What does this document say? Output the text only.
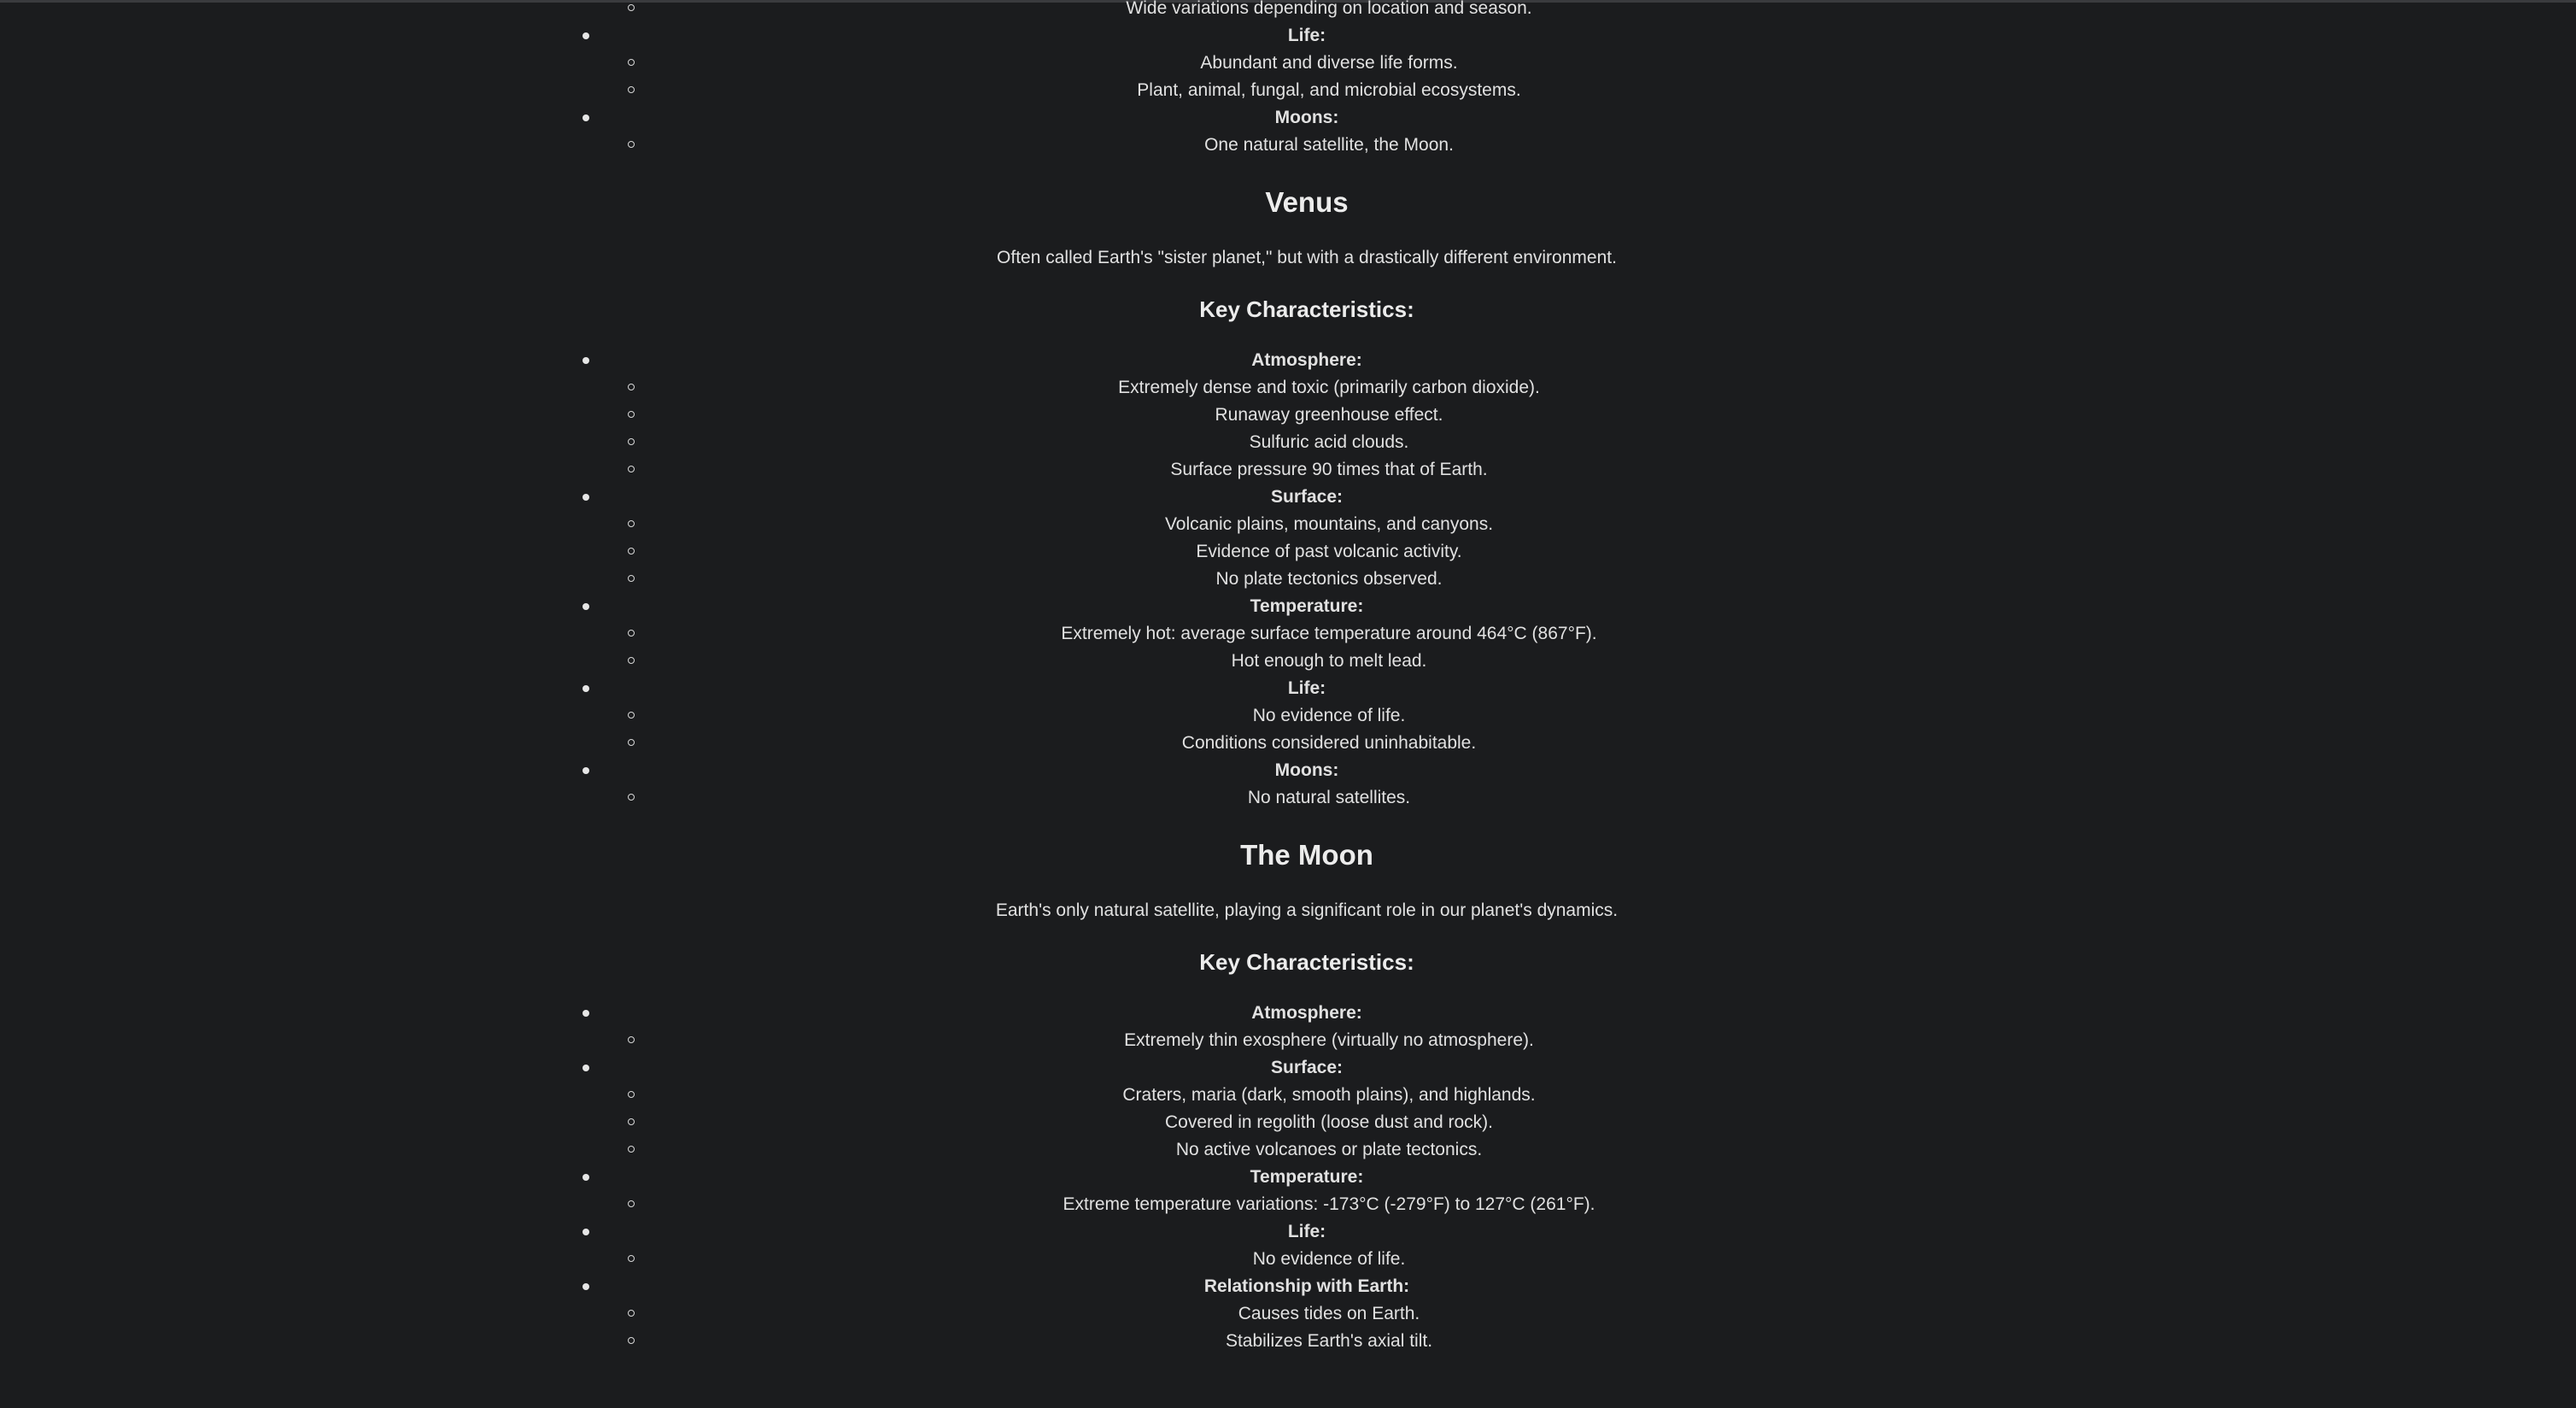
Wide variations depending on location and season.
Life:
Abundant and diverse life forms.
Plant, animal, fungal, and microbial ecosystems.
Moons:
One natural satellite, the Moon.
Venus
Often called Earth's "sister planet," but with a drastically different environment.
Key Characteristics:
Atmosphere:
Extremely dense and toxic (primarily carbon dioxide).
Runaway greenhouse effect.
Sulfuric acid clouds.
Surface pressure 90 times that of Earth.
Surface:
Volcanic plains, mountains, and canyons.
Evidence of past volcanic activity.
No plate tectonics observed.
Temperature:
Extremely hot: average surface temperature around 464°C (867°F).
Hot enough to melt lead.
Life:
No evidence of life.
Conditions considered uninhabitable.
Moons:
No natural satellites.
The Moon
Earth's only natural satellite, playing a significant role in our planet's dynamics.
Key Characteristics:
Atmosphere:
Extremely thin exosphere (virtually no atmosphere).
Surface:
Craters, maria (dark, smooth plains), and highlands.
Covered in regolith (loose dust and rock).
No active volcanoes or plate tectonics.
Temperature:
Extreme temperature variations: -173°C (-279°F) to 127°C (261°F).
Life:
No evidence of life.
Relationship with Earth:
Causes tides on Earth.
Stabilizes Earth's axial tilt.
